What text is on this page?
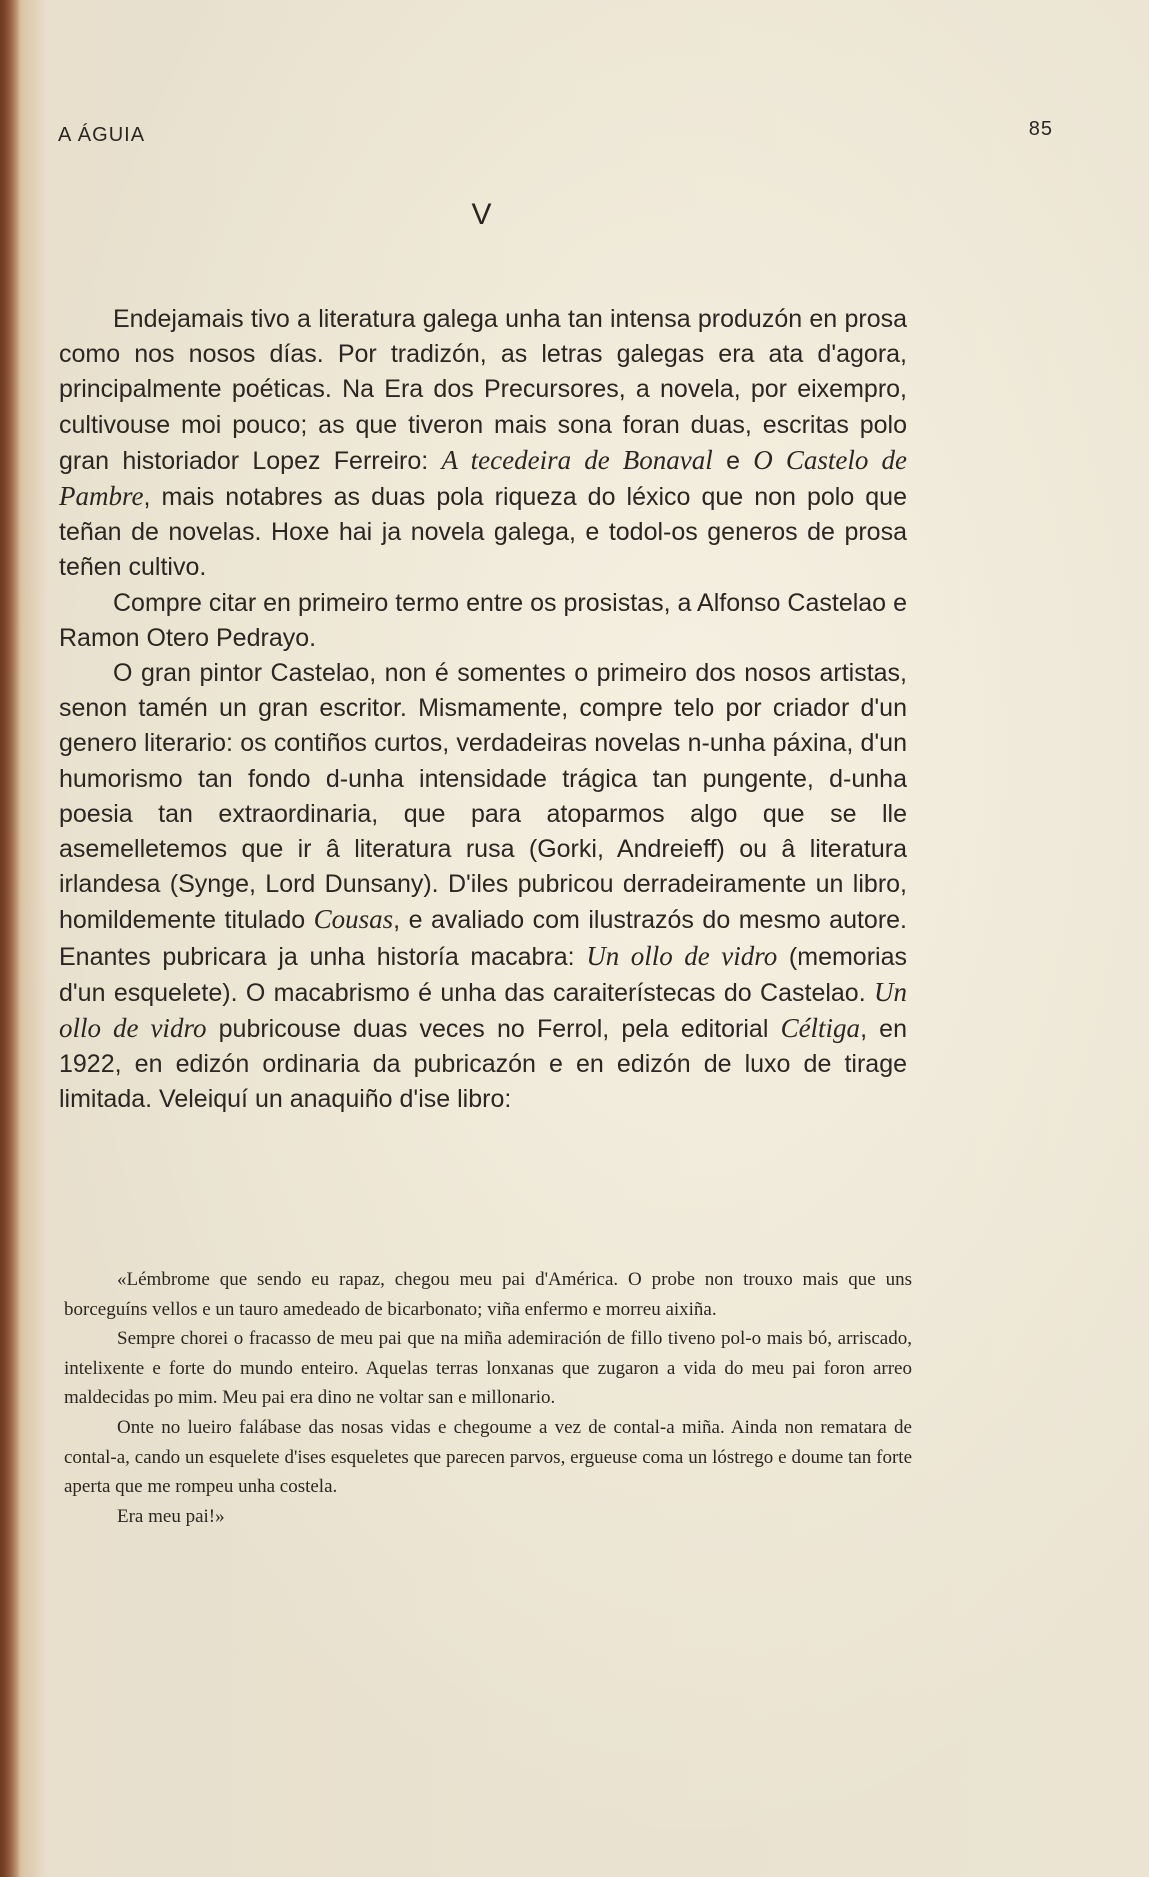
A ÁGUIA	85
V

Endejamais tivo a literatura galega unha tan intensa produzón en prosa como nos nosos días. Por tradizón, as letras galegas era ata d'agora, principalmente poéticas. Na Era dos Precursores, a novela, por eixempro, cultivouse moi pouco; as que tiveron mais sona foran duas, escritas polo gran historiador Lopez Ferreiro: A tecedeira de Bonaval e O Castelo de Pambre, mais notabres as duas pola riqueza do léxico que non polo que teñan de novelas. Hoxe hai ja novela galega, e todol-os generos de prosa teñen cultivo.

Compre citar en primeiro termo entre os prosistas, a Alfonso Castelao e Ramon Otero Pedrayo.

O gran pintor Castelao, non é somentes o primeiro dos nosos artistas, senon tamén un gran escritor. Mismamente, compre telo por criador d'un genero literario: os contiños curtos, verdadeiras novelas n-unha páxina, d'un humorismo tan fondo d-unha intensidade trágica tan pungente, d-unha poesia tan extraordinaria, que para atoparmos algo que se lle asemelletemos que ir â literatura rusa (Gorki, Andreieff) ou â literatura irlandesa (Synge, Lord Dunsany). D'iles pubricou derradeiramente un libro, homildemente titulado Cousas, e avaliado com ilustrazós do mesmo autore. Enantes pubricara ja unha historía macabra: Un ollo de vidro (memorias d'un esquelete). O macabrismo é unha das caraiterístecas do Castelao. Un ollo de vidro pubricouse duas veces no Ferrol, pela editorial Céltiga, en 1922, en edizón ordinaria da pubricazón e en edizón de luxo de tirage limitada. Veleiquí un anaquiño d'ise libro:

«Lémbrome que sendo eu rapaz, chegou meu pai d'América. O probe non trouxo mais que uns borceguíns vellos e un tauro amedeado de bicarbonato; viña enfermo e morreu aixiña.

Sempre chorei o fracasso de meu pai que na miña ademiración de fillo tiveno pol-o mais bó, arriscado, intelixente e forte do mundo enteiro. Aquelas terras lonxanas que zugaron a vida do meu pai foron arreo maldecidas po mim. Meu pai era dino ne voltar san e millonario.

Onte no lueiro falábase das nosas vidas e chegoume a vez de contal-a miña. Ainda non rematara de contal-a, cando un esquelete d'ises esqueletes que parecen parvos, ergueuse coma un lóstrego e doume tan forte aperta que me rompeu unha costela.

Era meu pai!»
